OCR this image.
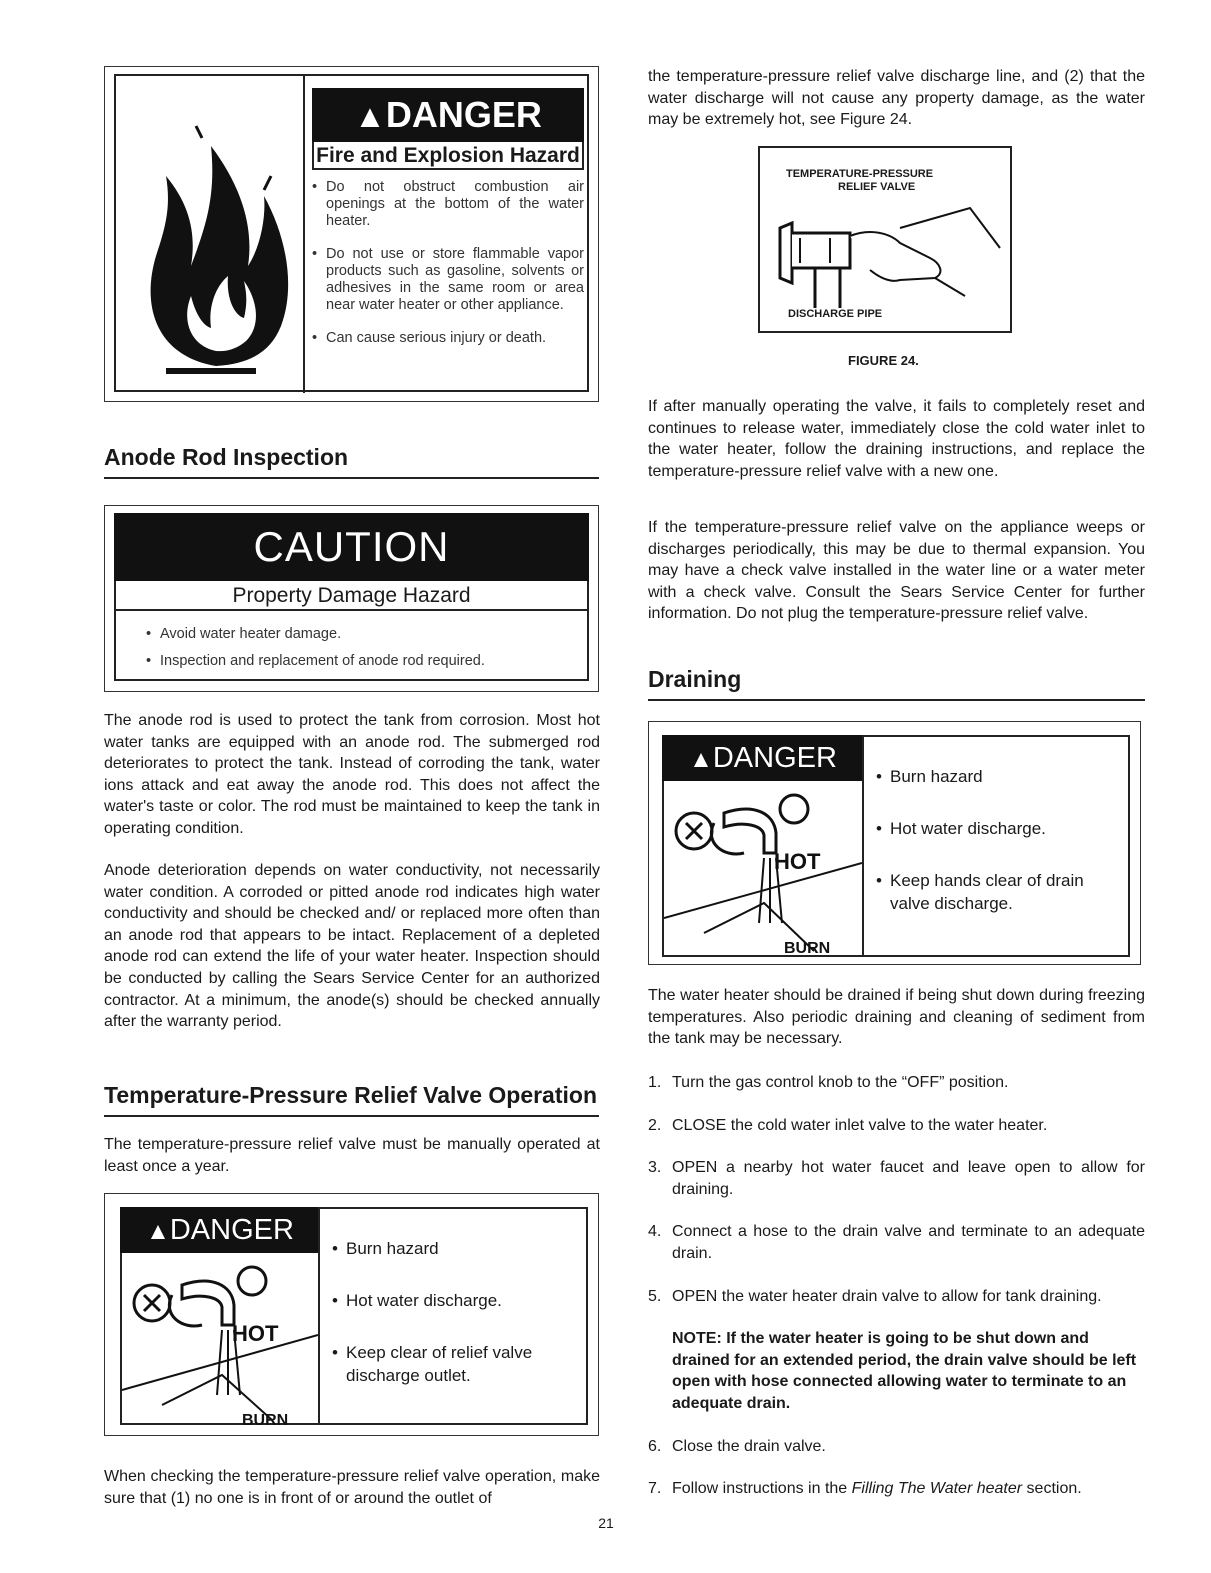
▲DANGER
Fire and Explosion Hazard
• Do not obstruct combustion air openings at the bottom of the water heater.
• Do not use or store flammable vapor products such as gasoline, solvents or adhesives in the same room or area near water heater or other appliance.
• Can cause serious injury or death.
Anode Rod Inspection
CAUTION
Property Damage Hazard
• Avoid water heater damage.
• Inspection and replacement of anode rod required.

The anode rod is used to protect the tank from corrosion. Most hot water tanks are equipped with an anode rod. The submerged rod deteriorates to protect the tank. Instead of corroding the tank, water ions attack and eat away the anode rod. This does not affect the water's taste or color. The rod must be maintained to keep the tank in operating condition.

Anode deterioration depends on water conductivity, not necessarily water condition. A corroded or pitted anode rod indicates high water conductivity and should be checked and/ or replaced more often than an anode rod that appears to be intact. Replacement of a depleted anode rod can extend the life of your water heater. Inspection should be conducted by calling the Sears Service Center for an authorized contractor. At a minimum, the anode(s) should be checked annually after the warranty period.

Temperature-Pressure Relief Valve Operation

The temperature-pressure relief valve must be manually operated at least once a year.

▲DANGER
HOT
BURN
• Burn hazard
• Hot water discharge.
• Keep clear of relief valve discharge outlet.

When checking the temperature-pressure relief valve operation, make sure that (1) no one is in front of or around the outlet of

the temperature-pressure relief valve discharge line, and (2) that the water discharge will not cause any property damage, as the water may be extremely hot, see Figure 24.

TEMPERATURE-PRESSURE
RELIEF VALVE
DISCHARGE PIPE
FIGURE 24.

If after manually operating the valve, it fails to completely reset and continues to release water, immediately close the cold water inlet to the water heater, follow the draining instructions, and replace the temperature-pressure relief valve with a new one.

If the temperature-pressure relief valve on the appliance weeps or discharges periodically, this may be due to thermal expansion. You may have a check valve installed in the water line or a water meter with a check valve. Consult the Sears Service Center for further information. Do not plug the temperature-pressure relief valve.

Draining
▲DANGER
HOT
BURN
• Burn hazard
• Hot water discharge.
• Keep hands clear of drain valve discharge.

The water heater should be drained if being shut down during freezing temperatures. Also periodic draining and cleaning of sediment from the tank may be necessary.

1. Turn the gas control knob to the “OFF” position.
2. CLOSE the cold water inlet valve to the water heater.
3. OPEN a nearby hot water faucet and leave open to allow for draining.
4. Connect a hose to the drain valve and terminate to an adequate drain.
5. OPEN the water heater drain valve to allow for tank draining.
NOTE: If the water heater is going to be shut down and drained for an extended period, the drain valve should be left open with hose connected allowing water to terminate to an adequate drain.
6. Close the drain valve.
7. Follow instructions in the Filling The Water heater section.
21
